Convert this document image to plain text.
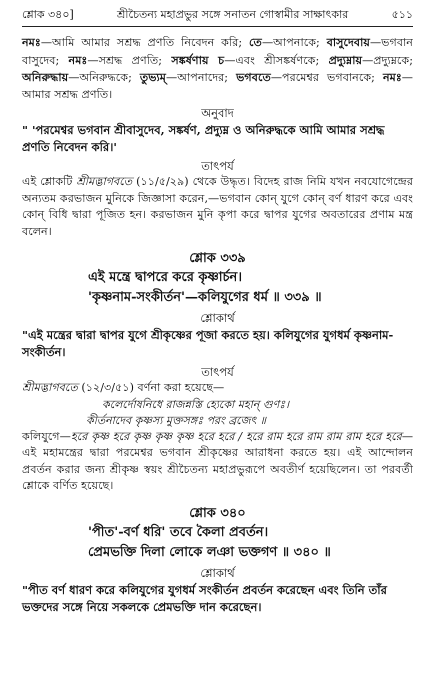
শ্লোক ৩৪০]	শ্রীচৈতন্য মহাপ্রভুর সঙ্গে সনাতন গোস্বামীর সাক্ষাৎকার	৫১১
নমঃ—আমি আমার সশ্রদ্ধ প্রণতি নিবেদন করি; তে—আপনাকে; বাসুদেবায়—ভগবান বাসুদেব; নমঃ—সশ্রদ্ধ প্রণতি; সঙ্কর্ষণায় চ—এবং শ্রীসঙ্কর্ষণকে; প্রদ্যুম্নায়—প্রদ্যুম্নকে; অনিরুদ্ধায়—অনিরুদ্ধকে; তুভ্যম্—আপনাদের; ভগবতে—পরমেশ্বর ভগবানকে; নমঃ— আমার সশ্রদ্ধ প্রণতি।
অনুবাদ
" 'পরমেশ্বর ভগবান শ্রীবাসুদেব, সঙ্কর্ষণ, প্রদ্যুম্ন ও অনিরুদ্ধকে আমি আমার সশ্রদ্ধ প্রণতি নিবেদন করি।'
তাৎপর্য
এই শ্লোকটি শ্রীমদ্ভাগবতে (১১/৫/২৯) থেকে উদ্ধৃত। বিদেহ রাজ নিমি যখন নবযোগেন্দ্রের অন্যতম করভাজন মুনিকে জিজ্ঞাসা করেন,—ভগবান কোন্ যুগে কোন্ বর্ণ ধারণ করে এবং কোন্ বিধি দ্বারা পূজিত হন। করভাজন মুনি কৃপা করে দ্বাপর যুগের অবতারের প্রণাম মন্ত্র বলেন।
শ্লোক ৩৩৯
এই মন্ত্রে দ্বাপরে করে কৃষ্ণার্চন।
'কৃষ্ণনাম-সংকীর্তন'—কলিযুগের ধর্ম ॥ ৩৩৯ ॥
শ্লোকার্থ
"এই মন্ত্রের দ্বারা দ্বাপর যুগে শ্রীকৃষ্ণের পূজা করতে হয়। কলিযুগের যুগধর্ম কৃষ্ণনাম-সংকীর্তন।
তাৎপর্য
শ্রীমদ্ভাগবতে (১২/৩/৫১) বর্ণনা করা হয়েছে—
কলের্দোষনিধে রাজন্নস্তি হ্যেকো মহান্ গুণঃ।
কীর্তনাদেব কৃষ্ণস্য মুক্তসঙ্গঃ পরং ব্রজেৎ ॥
কলিযুগে—হরে কৃষ্ণ হরে কৃষ্ণ কৃষ্ণ কৃষ্ণ হরে হরে / হরে রাম হরে রাম রাম রাম হরে হরে—এই মহামন্ত্রের দ্বারা পরমেশ্বর ভগবান শ্রীকৃষ্ণের আরাধনা করতে হয়। এই আন্দোলন প্রবর্তন করার জন্য শ্রীকৃষ্ণ স্বয়ং শ্রীচৈতন্য মহাপ্রভুরূপে অবতীর্ণ হয়েছিলেন। তা পরবর্তী শ্লোকে বর্ণিত হয়েছে।
শ্লোক ৩৪০
'পীত'-বর্ণ ধরি' তবে কৈলা প্রবর্তন।
প্রেমভক্তি দিলা লোকে লঞা ভক্তগণ ॥ ৩৪০ ॥
শ্লোকার্থ
"পীত বর্ণ ধারণ করে কলিযুগের যুগধর্ম সংকীর্তন প্রবর্তন করেছেন এবং তিনি তাঁর ভক্তদের সঙ্গে নিয়ে সকলকে প্রেমভক্তি দান করেছেন।
